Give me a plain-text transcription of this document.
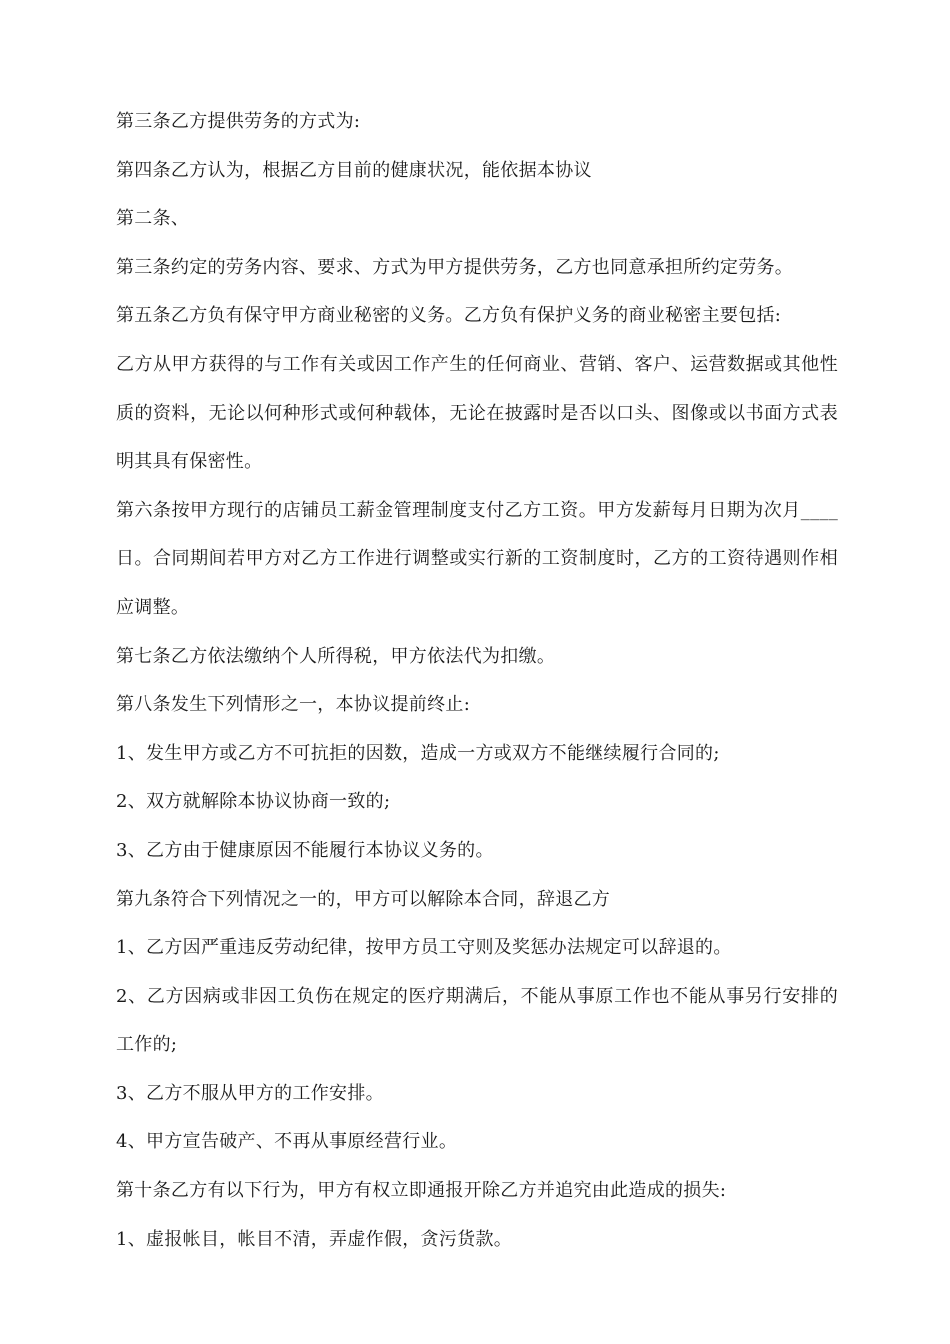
第三条乙方提供劳务的方式为:

第四条乙方认为，根据乙方目前的健康状况，能依据本协议

第二条、

第三条约定的劳务内容、要求、方式为甲方提供劳务，乙方也同意承担所约定劳务。

第五条乙方负有保守甲方商业秘密的义务。乙方负有保护义务的商业秘密主要包括:

乙方从甲方获得的与工作有关或因工作产生的任何商业、营销、客户、运营数据或其他性质的资料，无论以何种形式或何种载体，无论在披露时是否以口头、图像或以书面方式表明其具有保密性。

第六条按甲方现行的店铺员工薪金管理制度支付乙方工资。甲方发薪每月日期为次月____日。合同期间若甲方对乙方工作进行调整或实行新的工资制度时，乙方的工资待遇则作相应调整。

第七条乙方依法缴纳个人所得税，甲方依法代为扣缴。

第八条发生下列情形之一，本协议提前终止:

1、发生甲方或乙方不可抗拒的因数，造成一方或双方不能继续履行合同的;

2、双方就解除本协议协商一致的;

3、乙方由于健康原因不能履行本协议义务的。

第九条符合下列情况之一的，甲方可以解除本合同，辞退乙方

1、乙方因严重违反劳动纪律，按甲方员工守则及奖惩办法规定可以辞退的。

2、乙方因病或非因工负伤在规定的医疗期满后，不能从事原工作也不能从事另行安排的工作的;

3、乙方不服从甲方的工作安排。

4、甲方宣告破产、不再从事原经营行业。

第十条乙方有以下行为，甲方有权立即通报开除乙方并追究由此造成的损失:

1、虚报帐目，帐目不清，弄虚作假，贪污货款。
